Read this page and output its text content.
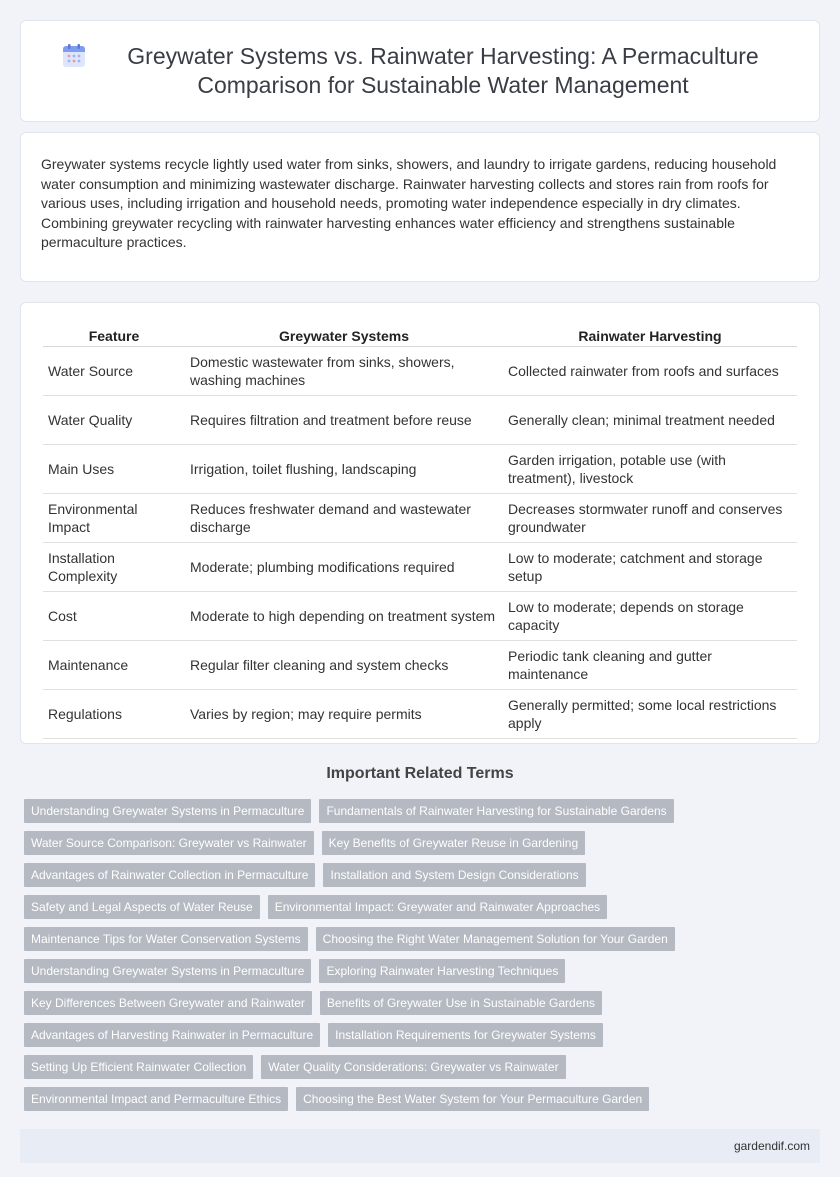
Greywater Systems vs. Rainwater Harvesting: A Permaculture Comparison for Sustainable Water Management

Greywater systems recycle lightly used water from sinks, showers, and laundry to irrigate gardens, reducing household water consumption and minimizing wastewater discharge. Rainwater harvesting collects and stores rain from roofs for various uses, including irrigation and household needs, promoting water independence especially in dry climates. Combining greywater recycling with rainwater harvesting enhances water efficiency and strengthens sustainable permaculture practices.

Feature	Greywater Systems	Rainwater Harvesting
Water Source	Domestic wastewater from sinks, showers, washing machines	Collected rainwater from roofs and surfaces
Water Quality	Requires filtration and treatment before reuse	Generally clean; minimal treatment needed
Main Uses	Irrigation, toilet flushing, landscaping	Garden irrigation, potable use (with treatment), livestock
Environmental Impact	Reduces freshwater demand and wastewater discharge	Decreases stormwater runoff and conserves groundwater
Installation Complexity	Moderate; plumbing modifications required	Low to moderate; catchment and storage setup
Cost	Moderate to high depending on treatment system	Low to moderate; depends on storage capacity
Maintenance	Regular filter cleaning and system checks	Periodic tank cleaning and gutter maintenance
Regulations	Varies by region; may require permits	Generally permitted; some local restrictions apply
Important Related Terms
Understanding Greywater Systems in Permaculture	Fundamentals of Rainwater Harvesting for Sustainable Gardens
Water Source Comparison: Greywater vs Rainwater	Key Benefits of Greywater Reuse in Gardening
Advantages of Rainwater Collection in Permaculture	Installation and System Design Considerations
Safety and Legal Aspects of Water Reuse	Environmental Impact: Greywater and Rainwater Approaches
Maintenance Tips for Water Conservation Systems	Choosing the Right Water Management Solution for Your Garden
Understanding Greywater Systems in Permaculture	Exploring Rainwater Harvesting Techniques
Key Differences Between Greywater and Rainwater	Benefits of Greywater Use in Sustainable Gardens
Advantages of Harvesting Rainwater in Permaculture	Installation Requirements for Greywater Systems
Setting Up Efficient Rainwater Collection	Water Quality Considerations: Greywater vs Rainwater
Environmental Impact and Permaculture Ethics	Choosing the Best Water System for Your Permaculture Garden
gardendif.com
